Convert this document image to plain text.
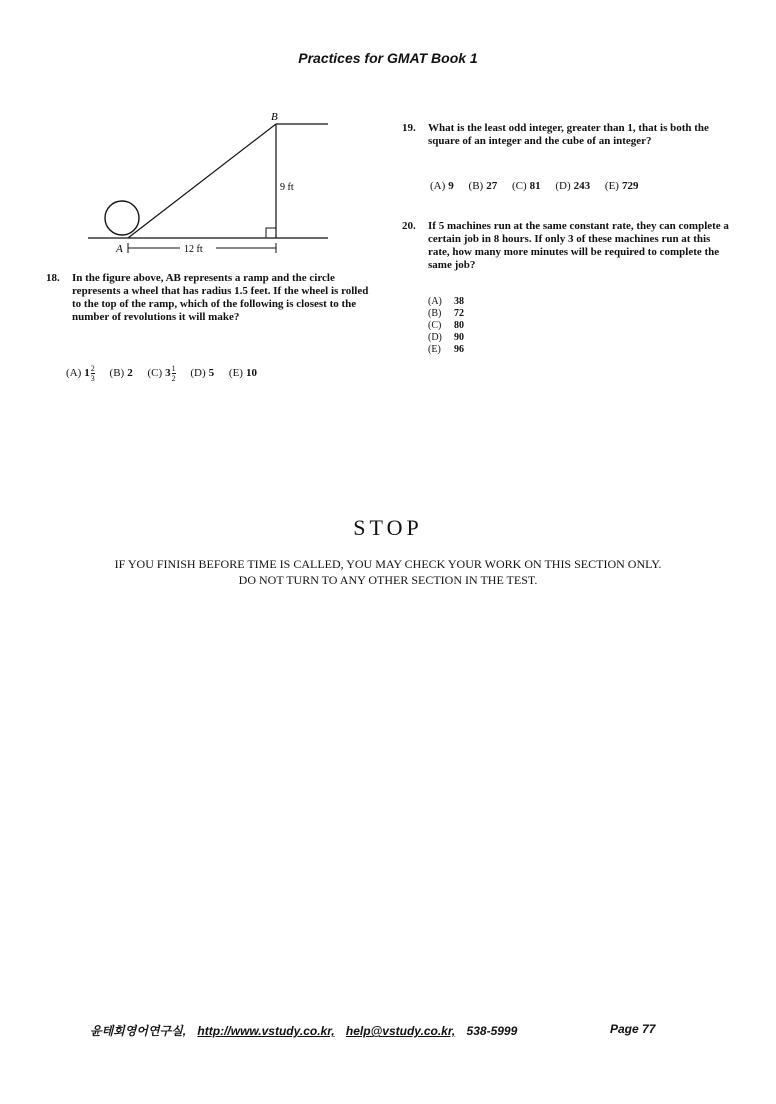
Practices for GMAT Book 1
A
B
9 ft
12 ft
18. In the figure above, AB represents a ramp and the circle represents a wheel that has radius 1.5 feet. If the wheel is rolled to the top of the ramp, which of the following is closest to the number of revolutions it will make?
(A) $1 \frac{2}{3} (B)$ 2 (C) $3 \frac{1}{2} (D)$ 5 (E) 10
19. What is the least odd integer, greater than 1, that is both the square of an integer and the cube of an integer?
(A) 9 (B) 27 (C) 81 (D) 243 (E) 729
20. If 5 machines run at the same constant rate, they can complete a certain job in 8 hours. If only 3 of these machines run at this rate, how many more minutes will be required to complete the same job?
(A) 38
(B) 72
(C) 80
(D) 90
(E) 96
STOP
IF YOU FINISH BEFORE TIME IS CALLED, YOU MAY CHECK YOUR WORK ON THIS SECTION ONLY.
DO NOT TURN TO ANY OTHER SECTION IN THE TEST.
윤테회영어연구실, http://www.vstudy.co.kr, help@vstudy.co.kr, 538-5999	Page 77
